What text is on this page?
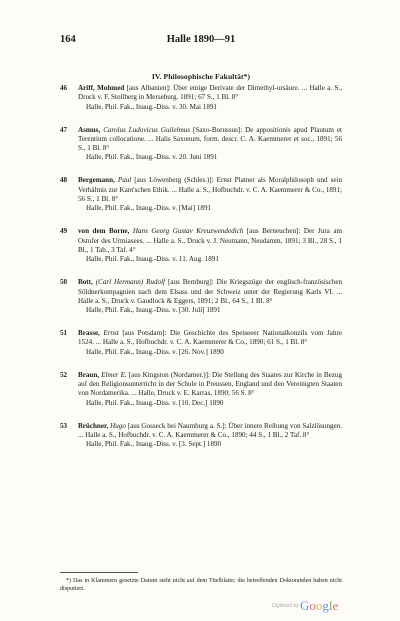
164	Halle 1890—91
IV. Philosophische Fakultät*)
46 Ariff, Mohmed [aus Albanien]: Über einige Derivate der Dimethyl-ursäure. ... Halle a. S., Druck v. F. Stollberg in Merseburg. 1891; 67 S., 1 Bl. 8°
Halle, Phil. Fak., Inaug.-Diss. v. 30. Mai 1891
47 Asmus, Carolus Ludovicus Guilelmus [Saxo-Borussus]: De appositionis apud Plautum et Terentium collocatione. ... Halis Saxonum, form. descr. C. A. Kaemmerer et soc., 1891; 56 S., 1 Bl. 8°
Halle, Phil. Fak., Inaug.-Diss. v. 20. Juni 1891
48 Bergemann, Paul [aus Löwenberg (Schles.)]: Ernst Platner als Moralphilosoph und sein Verhältnis zur Kant'schen Ethik. ... Halle a. S., Hofbuchdr. v. C. A. Kaemmerer & Co., 1891; 56 S., 1 Bl. 8°
Halle, Phil. Fak., Inaug.-Diss. v. [Mai] 1891
49 von dem Borne, Hans Georg Gustav Kreuzwendedich [aus Berneuchen]: Der Jura am Ostufer des Urmiasees. ... Halle a. S., Druck v. J. Neumann, Neudamm, 1891; 3 Bl., 28 S., 1 Bl., 1 Tab., 3 Taf. 4°
Halle, Phil. Fak., Inaug.-Diss. v. 11. Aug. 1891
50 Bott, (Carl Hermann) Rudolf [aus Bernburg]: Die Kriegszüge der englisch-französischen Söldnerkompagnien nach dem Elsass und der Schweiz unter der Regierung Karls VI. ... Halle a. S., Druck v. Gaudlock & Eggers, 1891; 2 Bl., 64 S., 1 Bl. 8°
Halle, Phil. Fak., Inaug.-Diss. v. [30. Juli] 1891
51 Brasse, Ernst [aus Potsdam]: Die Geschichte des Speiseeer Nationalkonzils vom Jahre 1524. ... Halle a. S., Hofbuchdr. v. C. A. Kaemmerer & Co., 1890; 61 S., 1 Bl. 8°
Halle, Phil. Fak., Inaug.-Diss. v. [26. Nov.] 1890
52 Braun, Elmer E. [aus Kingston (Nordamer.)]: Die Stellung des Staates zur Kirche in Bezug auf den Religionsunterricht in der Schule in Preussen, England und den Vereinigten Staaten von Nordamerika. ... Halle, Druck v. E. Karras, 1890; 56 S. 8°
Halle, Phil. Fak., Inaug.-Diss. v. [10. Dec.] 1890
53 Brüchner, Hugo [aus Gosseck bei Naumburg a. S.]: Über innere Reibung von Salzlösungen. ... Halle a. S., Hofbuchdr. v. C. A. Kaemmerer & Co., 1890; 44 S., 1 Bl., 2 Taf. 8°
Halle, Phil. Fak., Inaug.-Diss. v. [3. Sept.] 1890
*) Das in Klammern gesetzte Datum steht nicht auf dem Titelblatte; die betreffenden Doktoranden haben nicht disputiert.
Digitized by Google
